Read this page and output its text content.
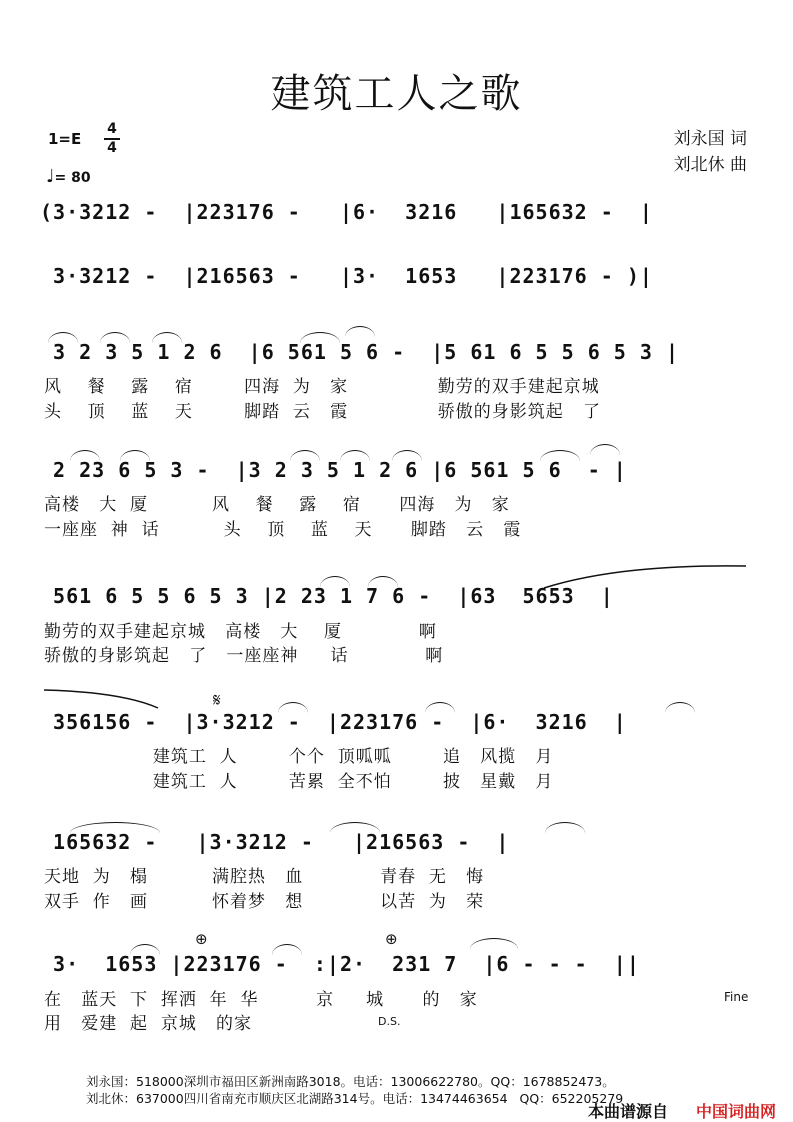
建筑工人之歌
1=E
4
4
♩= 80
刘永国 词
刘北休 曲
(3·3212 -  |223176 -   |6·  3216   |165632 -  |
3·3212 -  |216563 -   |3·  1653   |223176 - )|
3 2 3 5 1 2 6  |6 561 5 6 -  |5 61 6 5 5 6 5 3 |
风    餐    露    宿        四海  为   家              勤劳的双手建起京城
头    顶    蓝    天        脚踏  云   霞              骄傲的身影筑起   了
2 23 6 5 3 -  |3 2 3 5 1 2 6 |6 561 5 6  - |
高楼   大  厦          风    餐    露    宿      四海   为   家
一座座  神  话          头    顶    蓝    天      脚踏   云   霞
561 6 5 5 6 5 3 |2 23 1 7 6 -  |63  5653  |
勤劳的双手建起京城   高楼   大    厦            啊
骄傲的身影筑起   了   一座座神     话            啊
356156 -  |3·3212 -  |223176 -  |6·  3216  |
建筑工  人        个个  顶呱呱        追   风揽   月
建筑工  人        苦累  全不怕        披   星戴   月
165632 -   |3·3212 -   |216563 -  |
天地  为   榻          满腔热   血            青春  无   悔
双手  作   画          怀着梦   想            以苦  为   荣
3·  1653 |223176 -  :|2·  231 7  |6 - - -  ||
在   蓝天  下  挥洒  年  华         京     城      的   家
用   爱建  起  京城   的家
𝄋
⊕	⊕
Fine
D.S.
刘永国：518000深圳市福田区新洲南路3018。电话：13006622780。QQ：1678852473。
刘北休：637000四川省南充市顺庆区北湖路314号。电话：13474463654   QQ：652205279
本曲谱源自 中国词曲网
